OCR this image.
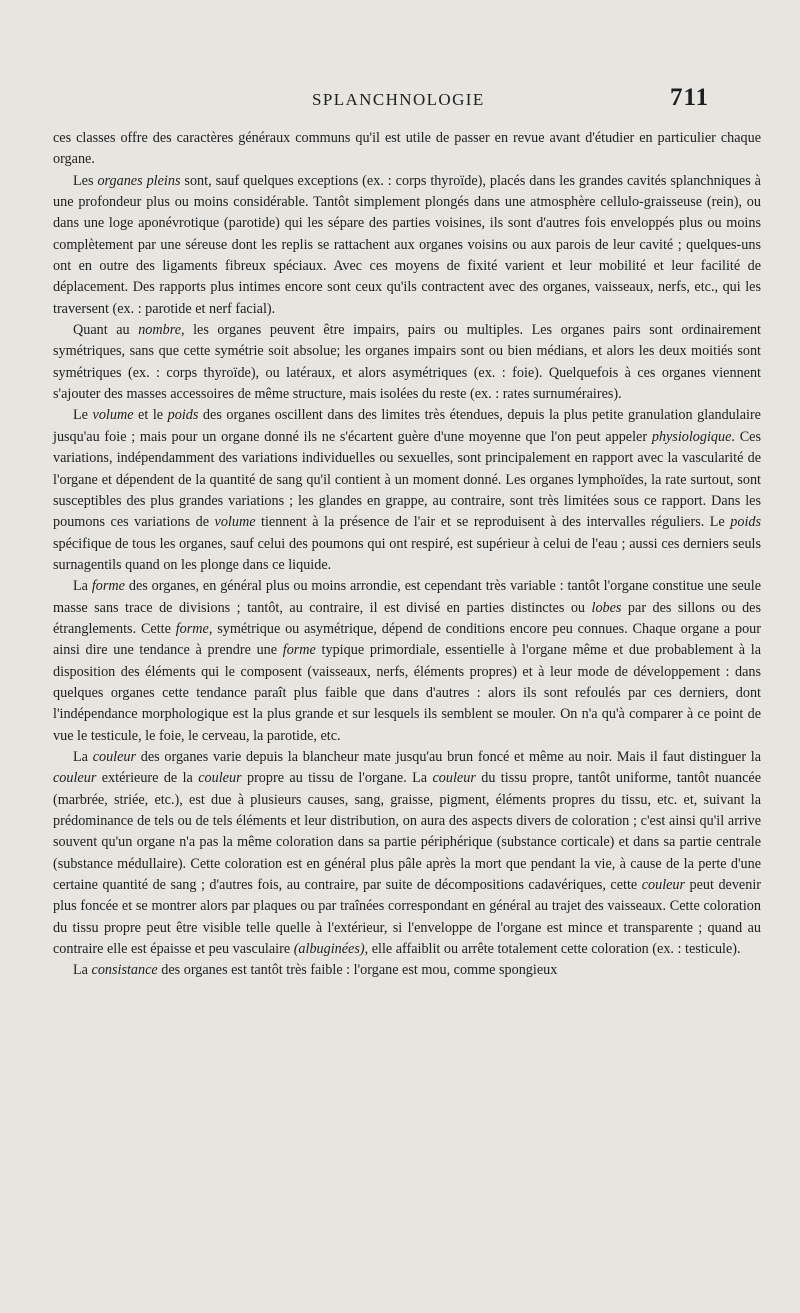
SPLANCHNOLOGIE	711

ces classes offre des caractères généraux communs qu'il est utile de passer en revue avant d'étudier en particulier chaque organe.

Les organes pleins sont, sauf quelques exceptions (ex. : corps thyroïde), placés dans les grandes cavités splanchniques à une profondeur plus ou moins considérable. Tantôt simplement plongés dans une atmosphère cellulo-graisseuse (rein), ou dans une loge aponévrotique (parotide) qui les sépare des parties voisines, ils sont d'autres fois enveloppés plus ou moins complètement par une séreuse dont les replis se rattachent aux organes voisins ou aux parois de leur cavité ; quelques-uns ont en outre des ligaments fibreux spéciaux. Avec ces moyens de fixité varient et leur mobilité et leur facilité de déplacement. Des rapports plus intimes encore sont ceux qu'ils contractent avec des organes, vaisseaux, nerfs, etc., qui les traversent (ex. : parotide et nerf facial).

Quant au nombre, les organes peuvent être impairs, pairs ou multiples. Les organes pairs sont ordinairement symétriques, sans que cette symétrie soit absolue; les organes impairs sont ou bien médians, et alors les deux moitiés sont symétriques (ex. : corps thyroïde), ou latéraux, et alors asymétriques (ex. : foie). Quelquefois à ces organes viennent s'ajouter des masses accessoires de même structure, mais isolées du reste (ex. : rates surnuméraires).

Le volume et le poids des organes oscillent dans des limites très étendues, depuis la plus petite granulation glandulaire jusqu'au foie ; mais pour un organe donné ils ne s'écartent guère d'une moyenne que l'on peut appeler physiologique. Ces variations, indépendamment des variations individuelles ou sexuelles, sont principalement en rapport avec la vascularité de l'organe et dépendent de la quantité de sang qu'il contient à un moment donné. Les organes lymphoïdes, la rate surtout, sont susceptibles des plus grandes variations ; les glandes en grappe, au contraire, sont très limitées sous ce rapport. Dans les poumons ces variations de volume tiennent à la présence de l'air et se reproduisent à des intervalles réguliers. Le poids spécifique de tous les organes, sauf celui des poumons qui ont respiré, est supérieur à celui de l'eau ; aussi ces derniers seuls surnagentils quand on les plonge dans ce liquide.

La forme des organes, en général plus ou moins arrondie, est cependant très variable : tantôt l'organe constitue une seule masse sans trace de divisions ; tantôt, au contraire, il est divisé en parties distinctes ou lobes par des sillons ou des étranglements. Cette forme, symétrique ou asymétrique, dépend de conditions encore peu connues. Chaque organe a pour ainsi dire une tendance à prendre une forme typique primordiale, essentielle à l'organe même et due probablement à la disposition des éléments qui le composent (vaisseaux, nerfs, éléments propres) et à leur mode de développement : dans quelques organes cette tendance paraît plus faible que dans d'autres : alors ils sont refoulés par ces derniers, dont l'indépendance morphologique est la plus grande et sur lesquels ils semblent se mouler. On n'a qu'à comparer à ce point de vue le testicule, le foie, le cerveau, la parotide, etc.

La couleur des organes varie depuis la blancheur mate jusqu'au brun foncé et même au noir. Mais il faut distinguer la couleur extérieure de la couleur propre au tissu de l'organe. La couleur du tissu propre, tantôt uniforme, tantôt nuancée (marbrée, striée, etc.), est due à plusieurs causes, sang, graisse, pigment, éléments propres du tissu, etc. et, suivant la prédominance de tels ou de tels éléments et leur distribution, on aura des aspects divers de coloration ; c'est ainsi qu'il arrive souvent qu'un organe n'a pas la même coloration dans sa partie périphérique (substance corticale) et dans sa partie centrale (substance médullaire). Cette coloration est en général plus pâle après la mort que pendant la vie, à cause de la perte d'une certaine quantité de sang ; d'autres fois, au contraire, par suite de décompositions cadavériques, cette couleur peut devenir plus foncée et se montrer alors par plaques ou par traînées correspondant en général au trajet des vaisseaux. Cette coloration du tissu propre peut être visible telle quelle à l'extérieur, si l'enveloppe de l'organe est mince et transparente ; quand au contraire elle est épaisse et peu vasculaire (albuginées), elle affaiblit ou arrête totalement cette coloration (ex. : testicule).

La consistance des organes est tantôt très faible : l'organe est mou, comme spongieux
